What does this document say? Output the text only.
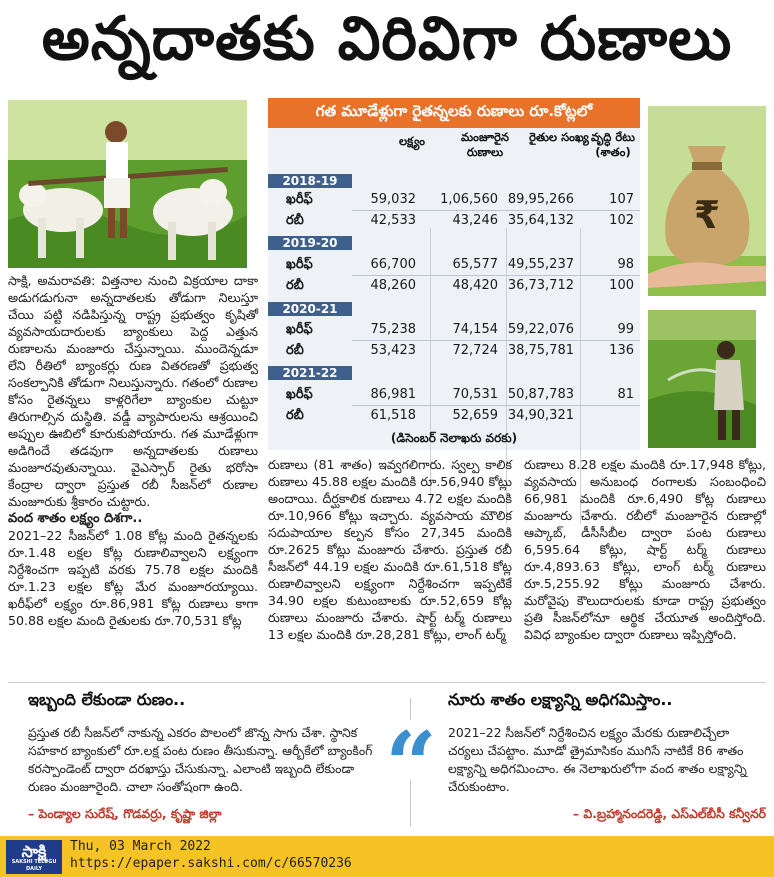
అన్నదాతకు విరివిగా రుణాలు
₹
గత మూడేళ్లుగా రైతన్నలకు రుణాలు రూ.కోట్లలో
లక్ష్యం	మంజూరైన రుణాలు
రైతుల సంఖ్య వృద్ధి రేటు (శాతం)
2018-19
ఖరీఫ్	59,032	1,06,560 89,95,266	107
రబీ	42,533	43,246 35,64,132	102
2019-20
ఖరీఫ్	66,700	65,577 49,55,237	98
రబీ	48,260	48,420 36,73,712	100
2020-21
ఖరీఫ్	75,238	74,154 59,22,076	99
రబీ	53,423	72,724 38,75,781	136
2021-22
ఖరీఫ్	86,981	70,531 50,87,783	81
రబీ	61,518	52,659 34,90,321
(డిసెంబర్ నెలాఖరు వరకు)

సాక్షి, అమరావతి: విత్తనాల నుంచి విక్రయాల దాకా అడుగడుగునా అన్నదాతలకు తోడుగా నిలుస్తూ చేయి పట్టి నడిపిస్తున్న రాష్ట్ర ప్రభుత్వం కృషితో వ్యవసాయదారులకు బ్యాంకులు పెద్ద ఎత్తున రుణాలను మంజూరు చేస్తున్నాయి. ముందెన్నడూ లేని రీతిలో బ్యాంకర్లు రుణ వితరణతో ప్రభుత్వ సంకల్పానికి తోడుగా నిలుస్తున్నారు. గతంలో రుణాల కోసం రైతన్నలు కాళ్లరిగేలా బ్యాంకుల చుట్టూ తిరుగాల్సిన దుస్థితి. వడ్డీ వ్యాపారులను ఆశ్రయించి అప్పుల ఊబిలో కూరుకుపోయారు. గత మూడేళ్లుగా అడిగిందే తడవుగా అన్నదాతలకు రుణాలు మంజూరవుతున్నాయి. వైఎస్సార్ రైతు భరోసా కేంద్రాల ద్వారా ప్రస్తుత రబీ సీజన్‌లో రుణాల మంజూరుకు శ్రీకారం చుట్టారు.

వంద శాతం లక్ష్యం దిశగా..

2021–22 సీజన్‌లో 1.08 కోట్ల మంది రైతన్నలకు రూ.1.48 లక్షల కోట్ల రుణాలివ్వాలని లక్ష్యంగా నిర్దేశించగా ఇప్పటి వరకు 75.78 లక్షల మందికి రూ.1.23 లక్షల కోట్ల మేర మంజూరయ్యాయి. ఖరీఫ్‌లో లక్ష్యం రూ.86,981 కోట్ల రుణాలు కాగా 50.88 లక్షల మంది రైతులకు రూ.70,531 కోట్ల

రుణాలు (81 శాతం) ఇవ్వగలిగారు. స్వల్ప కాలిక రుణాలు 45.88 లక్షల మందికి రూ.56,940 కోట్లు అందాయి. దీర్ఘకాలిక రుణాలు 4.72 లక్షల మందికి రూ.10,966 కోట్లు ఇచ్చారు. వ్యవసాయ మౌలిక సదుపాయాల కల్పన కోసం 27,345 మందికి రూ.2625 కోట్లు మంజూరు చేశారు. ప్రస్తుత రబీ సీజన్‌లో 44.19 లక్షల మందికి రూ.61,518 కోట్ల రుణాలివ్వాలని లక్ష్యంగా నిర్దేశించగా ఇప్పటికే 34.90 లక్షల కుటుంబాలకు రూ.52,659 కోట్ల రుణాలు మంజూరు చేశారు. షార్ట్ టర్మ్ రుణాలు 13 లక్షల మందికి రూ.28,281 కోట్లు, లాంగ్ టర్మ్

రుణాలు 8.28 లక్షల మందికి రూ.17,948 కోట్లు, వ్యవసాయ అనుబంధ రంగాలకు సంబంధించి 66,981 మందికి రూ.6,490 కోట్ల రుణాలు మంజూరు చేశారు. రబీలో మంజూరైన రుణాల్లో ఆప్కాబ్, డీసీసీబీల ద్వారా పంట రుణాలు 6,595.64 కోట్లు, షార్ట్ టర్మ్ రుణాలు రూ.4,893.63 కోట్లు, లాంగ్ టర్మ్ రుణాలు రూ.5,255.92 కోట్లు మంజూరు చేశారు. మరోవైపు కౌలుదారులకు కూడా రాష్ట్ర ప్రభుత్వం ప్రతి సీజన్‌లోనూ ఆర్థిక చేయూత అందిస్తోంది. వివిధ బ్యాంకుల ద్వారా రుణాలు ఇప్పిస్తోంది.

ఇబ్బంది లేకుండా రుణం..
ప్రస్తుత రబీ సీజన్‌లో నాకున్న ఎకరం పొలంలో జొన్న సాగు చేశా. స్థానిక సహకార బ్యాంకులో రూ.లక్ష పంట రుణం తీసుకున్నా. ఆర్బీకేలో బ్యాంకింగ్ కరస్పాండెంట్ ద్వారా దరఖాస్తు చేసుకున్నా. ఎలాంటి ఇబ్బంది లేకుండా రుణం మంజూరైంది. చాలా సంతోషంగా ఉంది.
– పెండ్యాల సురేష్, గొడవర్రు, కృష్ణా జిల్లా	“
నూరు శాతం లక్ష్యాన్ని అధిగమిస్తాం..
2021–22 సీజన్‌లో నిర్దేశించిన లక్ష్యం మేరకు రుణాలిచ్చేలా చర్యలు చేపట్టాం. మూడో త్రైమాసికం ముగిసే నాటికే 86 శాతం లక్ష్యాన్ని అధిగమించాం. ఈ నెలాఖరులోగా వంద శాతం లక్ష్యాన్ని చేరుకుంటాం.
– వి.బ్రహ్మానందరెడ్డి, ఎస్‌ఎల్‌బీసీ కన్వీనర్
సాక్షి
SAKSHI TELUGU DAILY
Thu, 03 March 2022
https://epaper.sakshi.com/c/66570236
